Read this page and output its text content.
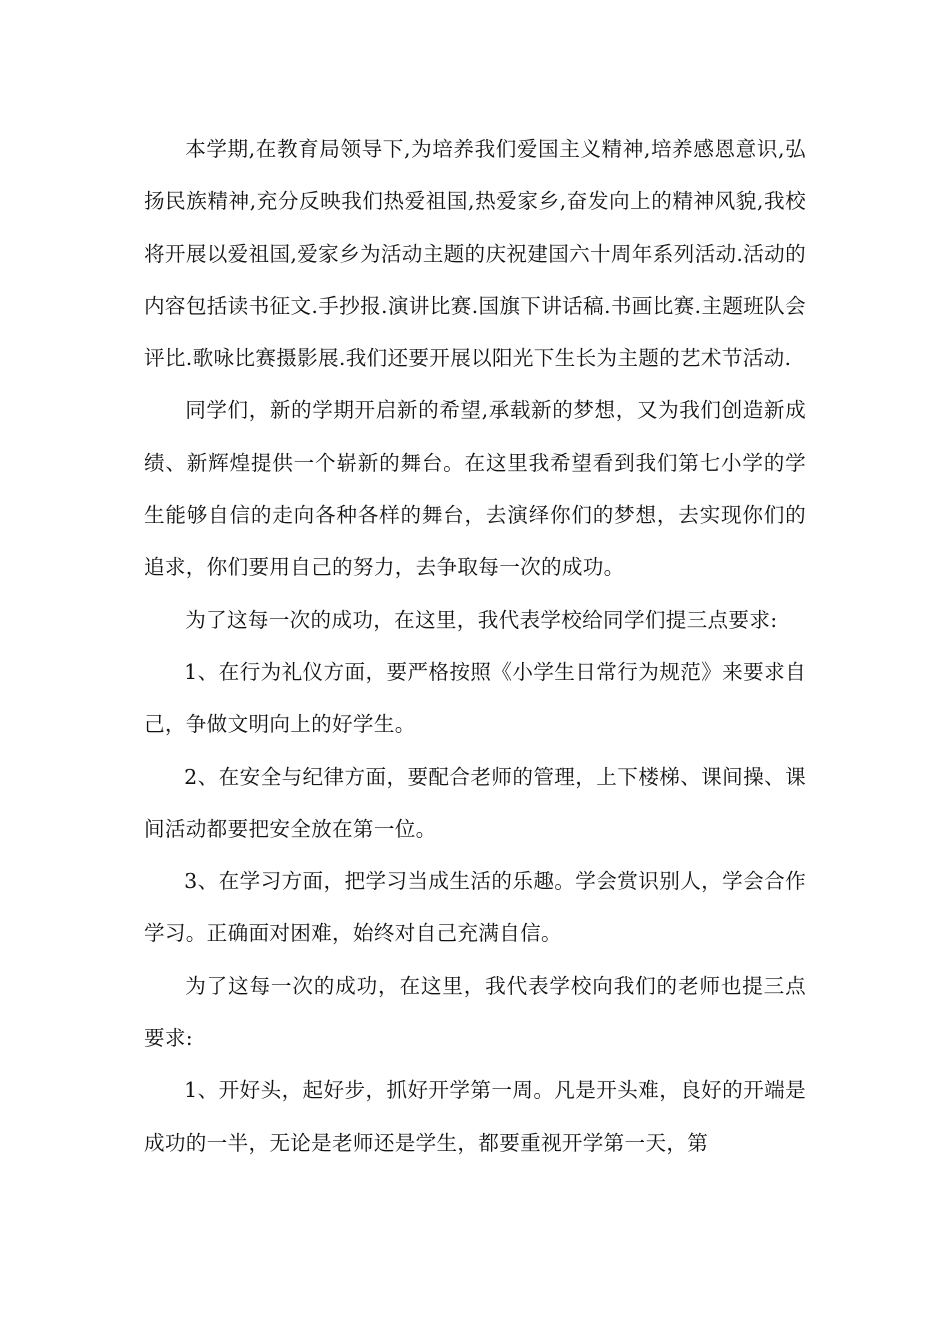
本学期,在教育局领导下,为培养我们爱国主义精神,培养感恩意识,弘扬民族精神,充分反映我们热爱祖国,热爱家乡,奋发向上的精神风貌,我校将开展以爱祖国,爱家乡为活动主题的庆祝建国六十周年系列活动.活动的内容包括读书征文.手抄报.演讲比赛.国旗下讲话稿.书画比赛.主题班队会评比.歌咏比赛摄影展.我们还要开展以阳光下生长为主题的艺术节活动.

同学们，新的学期开启新的希望,承载新的梦想，又为我们创造新成绩、新辉煌提供一个崭新的舞台。在这里我希望看到我们第七小学的学生能够自信的走向各种各样的舞台，去演绎你们的梦想，去实现你们的追求，你们要用自己的努力，去争取每一次的成功。

为了这每一次的成功，在这里，我代表学校给同学们提三点要求:

1、在行为礼仪方面，要严格按照《小学生日常行为规范》来要求自己，争做文明向上的好学生。

2、在安全与纪律方面，要配合老师的管理，上下楼梯、课间操、课间活动都要把安全放在第一位。

3、在学习方面，把学习当成生活的乐趣。学会赏识别人，学会合作学习。正确面对困难，始终对自己充满自信。

为了这每一次的成功，在这里，我代表学校向我们的老师也提三点要求:

1、开好头，起好步，抓好开学第一周。凡是开头难，良好的开端是成功的一半，无论是老师还是学生，都要重视开学第一天，第
